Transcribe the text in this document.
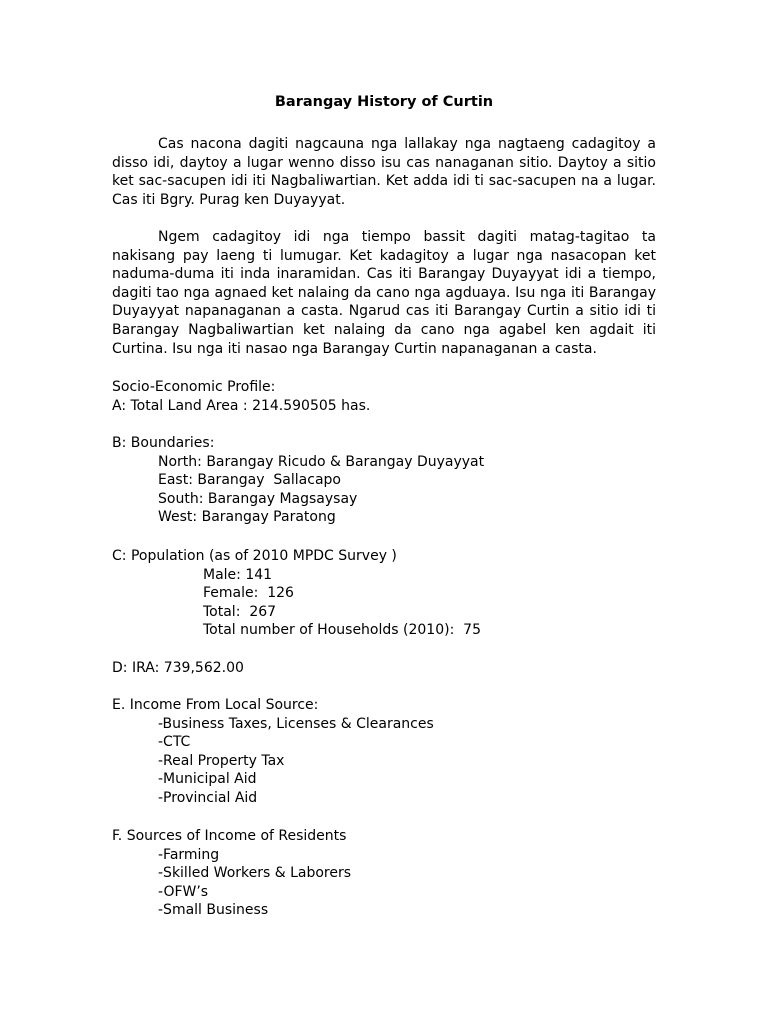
Barangay History of Curtin

Cas nacona dagiti nagcauna nga lallakay nga nagtaeng cadagitoy a disso idi, daytoy a lugar wenno disso isu cas nanaganan sitio. Daytoy a sitio ket sac-sacupen idi iti Nagbaliwartian. Ket adda idi ti sac-sacupen na a lugar. Cas iti Bgry. Purag ken Duyayyat.

Ngem cadagitoy idi nga tiempo bassit dagiti matag-tagitao ta nakisang pay laeng ti lumugar. Ket kadagitoy a lugar nga nasacopan ket naduma-duma iti inda inaramidan. Cas iti Barangay Duyayyat idi a tiempo, dagiti tao nga agnaed ket nalaing da cano nga agduaya. Isu nga iti Barangay Duyayyat napanaganan a casta. Ngarud cas iti Barangay Curtin a sitio idi ti Barangay Nagbaliwartian ket nalaing da cano nga agabel ken agdait iti Curtina. Isu nga iti nasao nga Barangay Curtin napanaganan a casta.

Socio-Economic Profile:
A: Total Land Area : 214.590505 has.
B: Boundaries:
North: Barangay Ricudo & Barangay Duyayyat
East: Barangay  Sallacapo
South: Barangay Magsaysay
West: Barangay Paratong
C: Population (as of 2010 MPDC Survey )
Male: 141
Female:  126
Total:  267
Total number of Households (2010):  75
D: IRA: 739,562.00
E. Income From Local Source:
-Business Taxes, Licenses & Clearances
-CTC
-Real Property Tax
-Municipal Aid
-Provincial Aid
F. Sources of Income of Residents
-Farming
-Skilled Workers & Laborers
-OFW’s
-Small Business
